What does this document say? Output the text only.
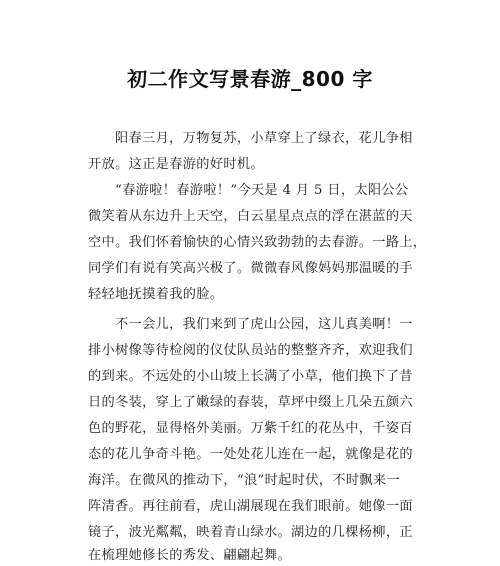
初二作文写景春游_800 字
阳春三月，万物复苏，小草穿上了绿衣，花儿争相
开放。这正是春游的好时机。
“春游啦！春游啦！”今天是 4 月 5 日，太阳公公
微笑着从东边升上天空，白云星星点点的浮在湛蓝的天
空中。我们怀着愉快的心情兴致勃勃的去春游。一路上，
同学们有说有笑高兴极了。微微春风像妈妈那温暖的手
轻轻地抚摸着我的脸。
不一会儿，我们来到了虎山公园，这儿真美啊！一
排小树像等待检阅的仪仗队员站的整整齐齐，欢迎我们
的到来。不远处的小山坡上长满了小草，他们换下了昔
日的冬装，穿上了嫩绿的春装，草坪中缀上几朵五颜六
色的野花，显得格外美丽。万紫千红的花丛中，千姿百
态的花儿争奇斗艳。一处处花儿连在一起，就像是花的
海洋。在微风的推动下，“浪”时起时伏，不时飘来一
阵清香。再往前看，虎山湖展现在我们眼前。她像一面
镜子，波光粼粼，映着青山绿水。湖边的几棵杨柳，正
在梳理她修长的秀发、翩翩起舞。
